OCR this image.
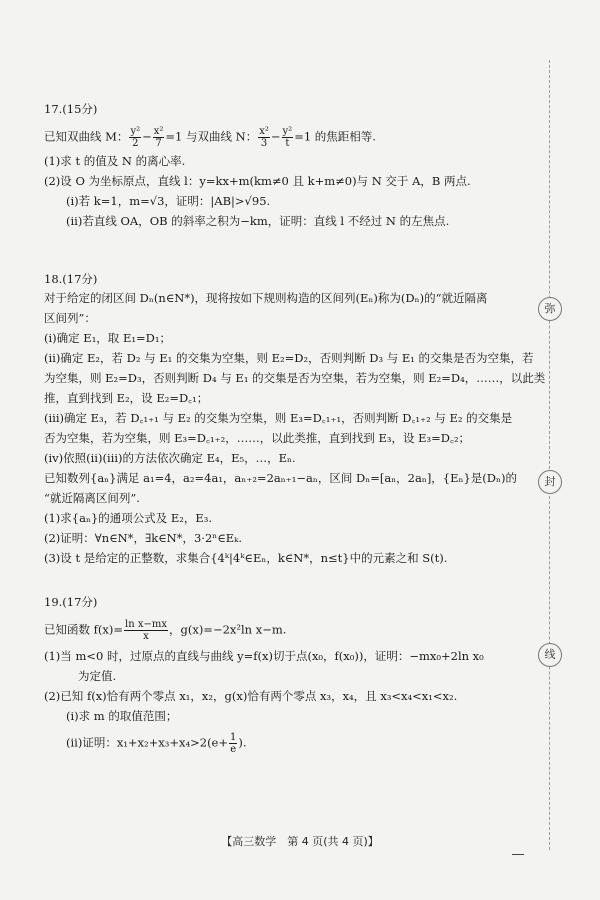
17.(15分)
已知双曲线 M： $\frac{\text{y²}}{2} - \frac{\text{x²}}{7} =1$ 与双曲线 N： $\frac{\text{x²}}{3} - \frac{\text{y²}}{t} =1$ 的焦距相等.
(1)求 t 的值及 N 的离心率.
(2)设 O 为坐标原点，直线 l：y=kx+m(km≠0 且 k+m≠0)与 N 交于 A，B 两点.
(ⅰ)若 k=1，m=√3，证明：|AB|>√95.
(ⅱ)若直线 OA，OB 的斜率之积为−km，证明：直线 l 不经过 N 的左焦点.
18.(17分)
对于给定的闭区间 Dₙ(n∈N*)，现将按如下规则构造的区间列(Eₙ)称为(Dₙ)的“就近隔离
区间列”：
(ⅰ)确定 E₁，取 E₁=D₁；
(ⅱ)确定 E₂，若 D₂ 与 E₁ 的交集为空集，则 E₂=D₂，否则判断 D₃ 与 E₁ 的交集是否为空集，若
为空集，则 E₂=D₃，否则判断 D₄ 与 E₁ 的交集是否为空集，若为空集，则 E₂=D₄，……，以此类
推，直到找到 E₂，设 E₂=D꜀₁；
(ⅲ)确定 E₃，若 D꜀₁₊₁ 与 E₂ 的交集为空集，则 E₃=D꜀₁₊₁，否则判断 D꜀₁₊₂ 与 E₂ 的交集是
否为空集，若为空集，则 E₃=D꜀₁₊₂，……，以此类推，直到找到 E₃，设 E₃=D꜀₂；
(ⅳ)依照(ⅱ)(ⅲ)的方法依次确定 E₄，E₅，…，Eₙ.
已知数列{aₙ}满足 a₁=4，a₂=4a₁，aₙ₊₂=2aₙ₊₁−aₙ，区间 Dₙ=[aₙ，2aₙ]，{Eₙ}是(Dₙ)的
“就近隔离区间列”.
(1)求{aₙ}的通项公式及 E₂，E₃.
(2)证明：∀n∈N*，∃k∈N*，3·2ⁿ∈Eₖ.
(3)设 t 是给定的正整数，求集合{4ᵏ|4ᵏ∈Eₙ，k∈N*，n≤t}中的元素之和 S(t).
19.(17分)
已知函数 $f(x)= \frac{\text{ln x−mx}}{x}$ ，g(x)=−2x²ln x−m.
(1)当 m<0 时，过原点的直线与曲线 y=f(x)切于点(x₀，f(x₀))，证明：−mx₀+2ln x₀
为定值.
(2)已知 f(x)恰有两个零点 x₁，x₂，g(x)恰有两个零点 x₃，x₄，且 x₃<x₄<x₁<x₂.
(ⅰ)求 m 的取值范围；
(ⅱ)证明：$x_1+x_2+x_3+x_4>2(e+ \frac{1}{e}$ ).
弥
封
线
【高三数学　第 4 页(共 4 页)】
